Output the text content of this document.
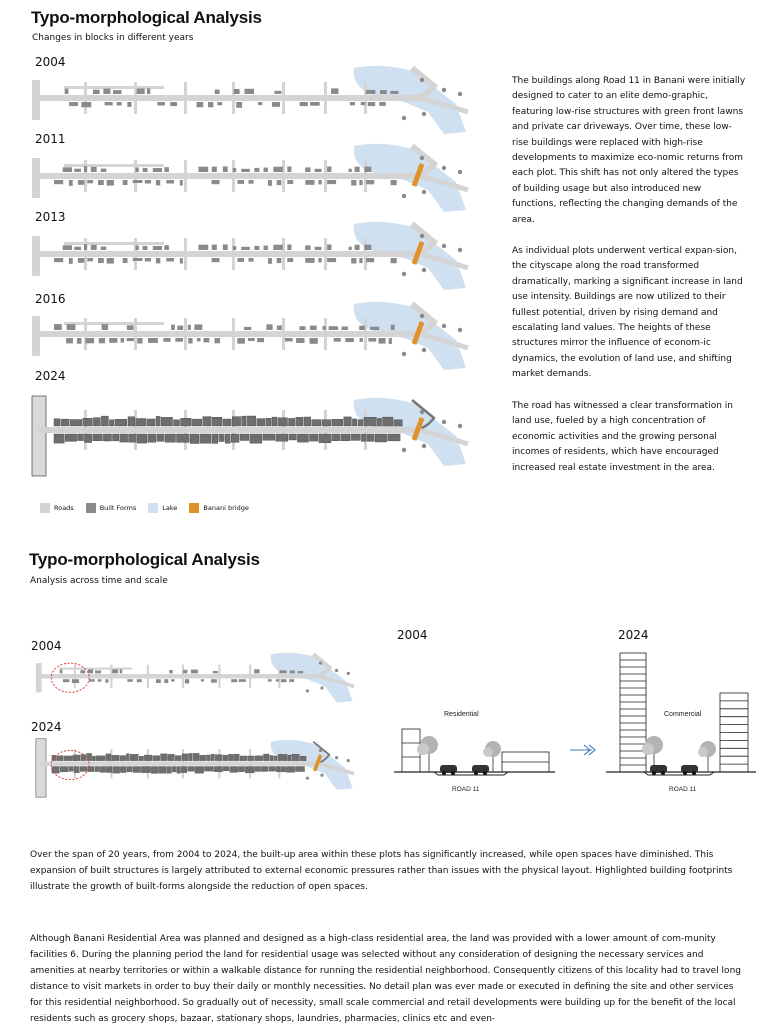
Typo-morphological Analysis
Changes in blocks in different years
2004
2011
2013
2016
2024
Roads	Built Forms	Lake	Banani bridge
The buildings along Road 11 in Banani were initially designed to cater to an elite demo-graphic, featuring low-rise structures with green front lawns and private car driveways. Over time, these low-rise buildings were replaced with high-rise developments to maximize eco-nomic returns from each plot. This shift has not only altered the types of building usage but also introduced new functions, reflecting the changing demands of the area.
As individual plots underwent vertical expan-sion, the cityscape along the road transformed dramatically, marking a significant increase in land use intensity. Buildings are now utilized to their fullest potential, driven by rising demand and escalating land values. The heights of these structures mirror the influence of econom-ic dynamics, the evolution of land use, and shifting market demands.
The road has witnessed a clear transformation in land use, fueled by a high concentration of economic activities and the growing personal incomes of residents, which have encouraged increased real estate investment in the area.
Typo-morphological Analysis
Analysis across time and scale
2004
2024
2004	2024
Residential
ROAD 11
Commercial
ROAD 11
Over the span of 20 years, from 2004 to 2024, the built-up area within these plots has significantly increased, while open spaces have diminished. This expansion of built structures is largely attributed to external economic pressures rather than issues with the physical layout. Highlighted building footprints illustrate the growth of built-forms alongside the reduction of open spaces.
Although Banani Residential Area was planned and designed as a high-class residential area, the land was provided with a lower amount of com-munity facilities 6. During the planning period the land for residential usage was selected without any consideration of designing the necessary services and amenities at nearby territories or within a walkable distance for running the residential neighborhood. Consequently citizens of this locality had to travel long distance to visit markets in order to buy their daily or monthly necessities. No detail plan was ever made or executed in defining the site and other services for this residential neighborhood. So gradually out of necessity, small scale commercial and retail developments were building up for the benefit of the local residents such as grocery shops, bazaar, stationary shops, laundries, pharmacies, clinics etc and even-
